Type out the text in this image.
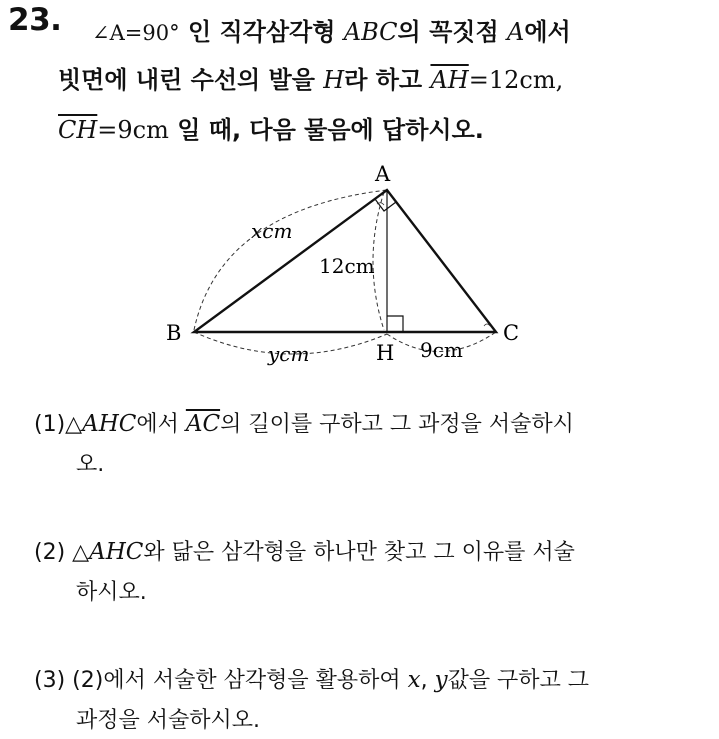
23. ∠A=90° 인 직각삼각형 ABC의 꼭짓점 A에서
빗면에 내린 수선의 발을 H라 하고 $\overline{AH}=12cm$,
$\overline{CH}=9cm$ 일 때, 다음 물음에 답하시오.
A
B	C
H
xcm
12cm
ycm	9cm
(1)△AHC에서 $\overline{AC}$의 길이를 구하고 그 과정을 서술하시
오.
(2) △AHC와 닮은 삼각형을 하나만 찾고 그 이유를 서술
하시오.
(3) (2)에서 서술한 삼각형을 활용하여 x, y값을 구하고 그
과정을 서술하시오.
